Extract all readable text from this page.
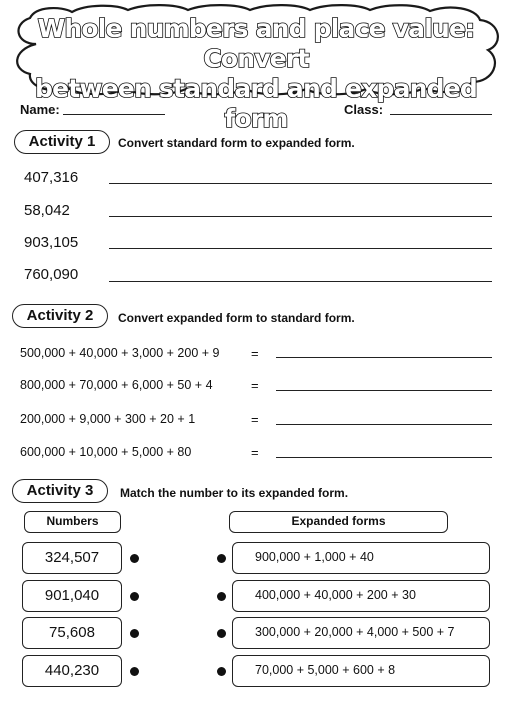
Whole numbers and place value: Convert
between standard and expanded form
Name:	Class:
Activity 1	Convert standard form to expanded form.
407,316
58,042
903,105
760,090
Activity 2	Convert expanded form to standard form.
500,000 + 40,000 + 3,000 + 200 + 9 =
800,000 + 70,000 + 6,000 + 50 + 4	=
200,000 + 9,000 + 300 + 20 + 1	=
600,000 + 10,000 + 5,000 + 80	=
Activity 3	Match the number to its expanded form.
Numbers	Expanded forms
324,507	900,000 + 1,000 + 40
901,040	400,000 + 40,000 + 200 + 30
75,608	300,000 + 20,000 + 4,000 + 500 + 7
440,230	70,000 + 5,000 + 600 + 8
